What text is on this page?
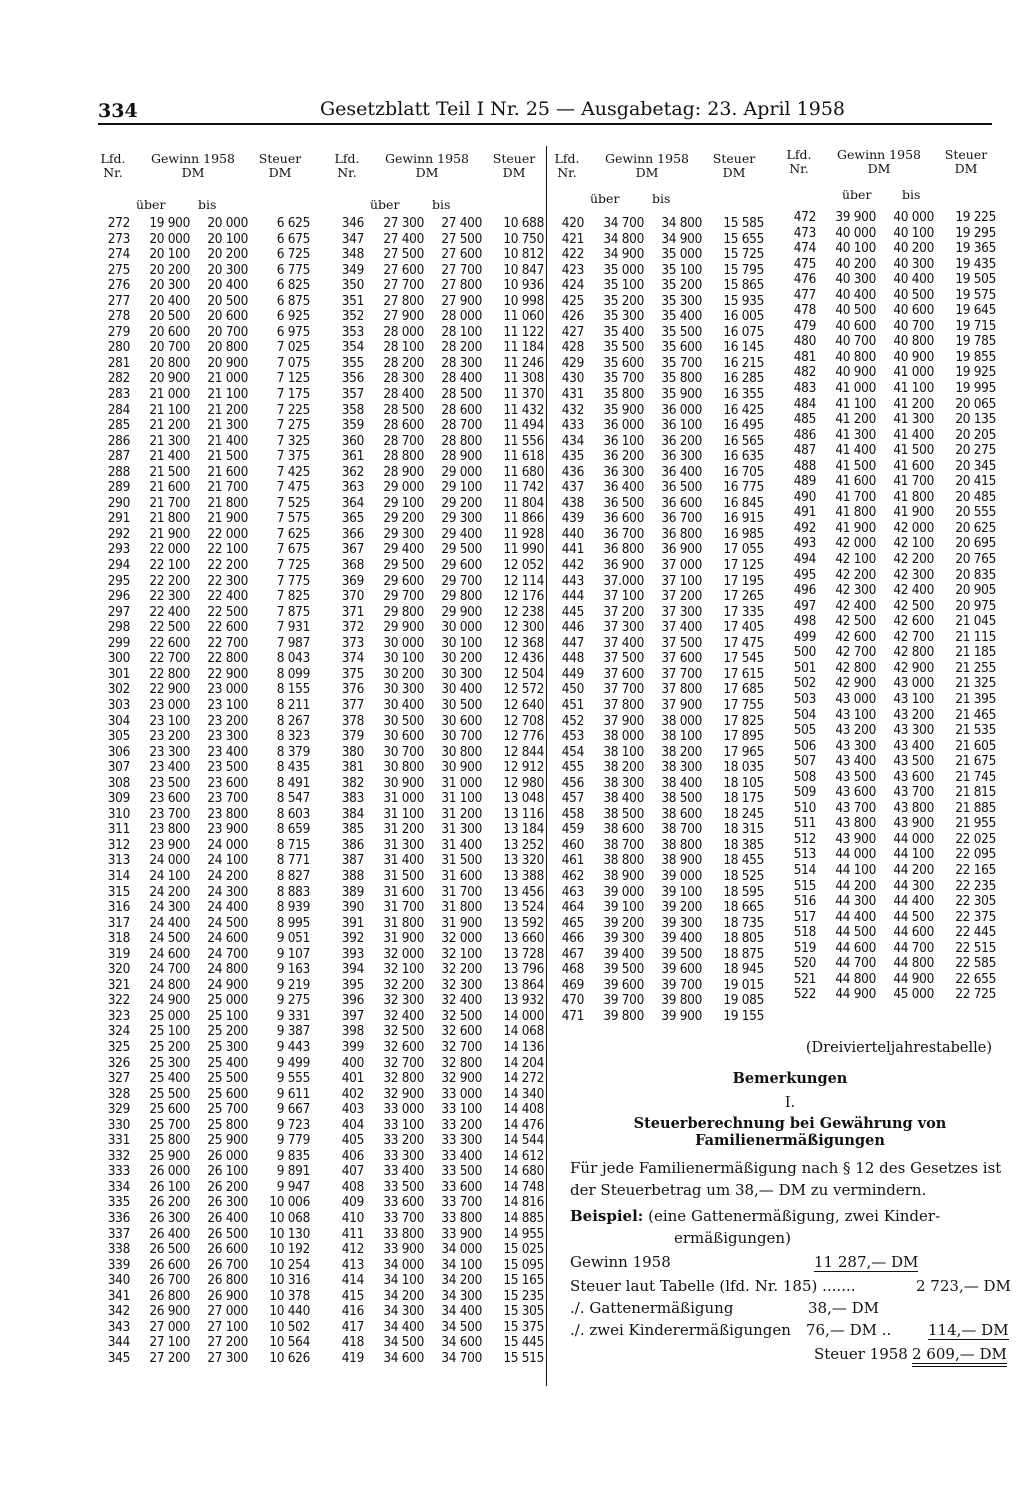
334	Gesetzblatt Teil I Nr. 25 — Ausgabetag: 23. April 1958
Lfd.
Nr.
Gewinn 1958
DM
Steuer
DM
über	bis
272	19 900	20 000	6 625
273	20 000	20 100	6 675
274	20 100	20 200	6 725
275	20 200	20 300	6 775
276	20 300	20 400	6 825
277	20 400	20 500	6 875
278	20 500	20 600	6 925
279	20 600	20 700	6 975
280	20 700	20 800	7 025
281	20 800	20 900	7 075
282	20 900	21 000	7 125
283	21 000	21 100	7 175
284	21 100	21 200	7 225
285	21 200	21 300	7 275
286	21 300	21 400	7 325
287	21 400	21 500	7 375
288	21 500	21 600	7 425
289	21 600	21 700	7 475
290	21 700	21 800	7 525
291	21 800	21 900	7 575
292	21 900	22 000	7 625
293	22 000	22 100	7 675
294	22 100	22 200	7 725
295	22 200	22 300	7 775
296	22 300	22 400	7 825
297	22 400	22 500	7 875
298	22 500	22 600	7 931
299	22 600	22 700	7 987
300	22 700	22 800	8 043
301	22 800	22 900	8 099
302	22 900	23 000	8 155
303	23 000	23 100	8 211
304	23 100	23 200	8 267
305	23 200	23 300	8 323
306	23 300	23 400	8 379
307	23 400	23 500	8 435
308	23 500	23 600	8 491
309	23 600	23 700	8 547
310	23 700	23 800	8 603
311	23 800	23 900	8 659
312	23 900	24 000	8 715
313	24 000	24 100	8 771
314	24 100	24 200	8 827
315	24 200	24 300	8 883
316	24 300	24 400	8 939
317	24 400	24 500	8 995
318	24 500	24 600	9 051
319	24 600	24 700	9 107
320	24 700	24 800	9 163
321	24 800	24 900	9 219
322	24 900	25 000	9 275
323	25 000	25 100	9 331
324	25 100	25 200	9 387
325	25 200	25 300	9 443
326	25 300	25 400	9 499
327	25 400	25 500	9 555
328	25 500	25 600	9 611
329	25 600	25 700	9 667
330	25 700	25 800	9 723
331	25 800	25 900	9 779
332	25 900	26 000	9 835
333	26 000	26 100	9 891
334	26 100	26 200	9 947
335	26 200	26 300	10 006
336	26 300	26 400	10 068
337	26 400	26 500	10 130
338	26 500	26 600	10 192
339	26 600	26 700	10 254
340	26 700	26 800	10 316
341	26 800	26 900	10 378
342	26 900	27 000	10 440
343	27 000	27 100	10 502
344	27 100	27 200	10 564
345	27 200	27 300	10 626
Lfd.
Nr.
Gewinn 1958
DM
Steuer
DM
über	bis
346	27 300	27 400	10 688
347	27 400	27 500	10 750
348	27 500	27 600	10 812
349	27 600	27 700	10 847
350	27 700	27 800	10 936
351	27 800	27 900	10 998
352	27 900	28 000	11 060
353	28 000	28 100	11 122
354	28 100	28 200	11 184
355	28 200	28 300	11 246
356	28 300	28 400	11 308
357	28 400	28 500	11 370
358	28 500	28 600	11 432
359	28 600	28 700	11 494
360	28 700	28 800	11 556
361	28 800	28 900	11 618
362	28 900	29 000	11 680
363	29 000	29 100	11 742
364	29 100	29 200	11 804
365	29 200	29 300	11 866
366	29 300	29 400	11 928
367	29 400	29 500	11 990
368	29 500	29 600	12 052
369	29 600	29 700	12 114
370	29 700	29 800	12 176
371	29 800	29 900	12 238
372	29 900	30 000	12 300
373	30 000	30 100	12 368
374	30 100	30 200	12 436
375	30 200	30 300	12 504
376	30 300	30 400	12 572
377	30 400	30 500	12 640
378	30 500	30 600	12 708
379	30 600	30 700	12 776
380	30 700	30 800	12 844
381	30 800	30 900	12 912
382	30 900	31 000	12 980
383	31 000	31 100	13 048
384	31 100	31 200	13 116
385	31 200	31 300	13 184
386	31 300	31 400	13 252
387	31 400	31 500	13 320
388	31 500	31 600	13 388
389	31 600	31 700	13 456
390	31 700	31 800	13 524
391	31 800	31 900	13 592
392	31 900	32 000	13 660
393	32 000	32 100	13 728
394	32 100	32 200	13 796
395	32 200	32 300	13 864
396	32 300	32 400	13 932
397	32 400	32 500	14 000
398	32 500	32 600	14 068
399	32 600	32 700	14 136
400	32 700	32 800	14 204
401	32 800	32 900	14 272
402	32 900	33 000	14 340
403	33 000	33 100	14 408
404	33 100	33 200	14 476
405	33 200	33 300	14 544
406	33 300	33 400	14 612
407	33 400	33 500	14 680
408	33 500	33 600	14 748
409	33 600	33 700	14 816
410	33 700	33 800	14 885
411	33 800	33 900	14 955
412	33 900	34 000	15 025
413	34 000	34 100	15 095
414	34 100	34 200	15 165
415	34 200	34 300	15 235
416	34 300	34 400	15 305
417	34 400	34 500	15 375
418	34 500	34 600	15 445
419	34 600	34 700	15 515
Lfd.
Nr.
Gewinn 1958
DM
Steuer
DM
über	bis
420	34 700	34 800	15 585
421	34 800	34 900	15 655
422	34 900	35 000	15 725
423	35 000	35 100	15 795
424	35 100	35 200	15 865
425	35 200	35 300	15 935
426	35 300	35 400	16 005
427	35 400	35 500	16 075
428	35 500	35 600	16 145
429	35 600	35 700	16 215
430	35 700	35 800	16 285
431	35 800	35 900	16 355
432	35 900	36 000	16 425
433	36 000	36 100	16 495
434	36 100	36 200	16 565
435	36 200	36 300	16 635
436	36 300	36 400	16 705
437	36 400	36 500	16 775
438	36 500	36 600	16 845
439	36 600	36 700	16 915
440	36 700	36 800	16 985
441	36 800	36 900	17 055
442	36 900	37 000	17 125
443	37.000	37 100	17 195
444	37 100	37 200	17 265
445	37 200	37 300	17 335
446	37 300	37 400	17 405
447	37 400	37 500	17 475
448	37 500	37 600	17 545
449	37 600	37 700	17 615
450	37 700	37 800	17 685
451	37 800	37 900	17 755
452	37 900	38 000	17 825
453	38 000	38 100	17 895
454	38 100	38 200	17 965
455	38 200	38 300	18 035
456	38 300	38 400	18 105
457	38 400	38 500	18 175
458	38 500	38 600	18 245
459	38 600	38 700	18 315
460	38 700	38 800	18 385
461	38 800	38 900	18 455
462	38 900	39 000	18 525
463	39 000	39 100	18 595
464	39 100	39 200	18 665
465	39 200	39 300	18 735
466	39 300	39 400	18 805
467	39 400	39 500	18 875
468	39 500	39 600	18 945
469	39 600	39 700	19 015
470	39 700	39 800	19 085
471	39 800	39 900	19 155
Lfd.
Nr.
Gewinn 1958
DM
Steuer
DM
über bis
472	39 900	40 000	19 225
473	40 000	40 100	19 295
474	40 100	40 200	19 365
475	40 200	40 300	19 435
476	40 300	40 400	19 505
477	40 400	40 500	19 575
478	40 500	40 600	19 645
479	40 600	40 700	19 715
480	40 700	40 800	19 785
481	40 800	40 900	19 855
482	40 900	41 000	19 925
483	41 000	41 100	19 995
484	41 100	41 200	20 065
485	41 200	41 300	20 135
486	41 300	41 400	20 205
487	41 400	41 500	20 275
488	41 500	41 600	20 345
489	41 600	41 700	20 415
490	41 700	41 800	20 485
491	41 800	41 900	20 555
492	41 900	42 000	20 625
493	42 000	42 100	20 695
494	42 100	42 200	20 765
495	42 200	42 300	20 835
496	42 300	42 400	20 905
497	42 400	42 500	20 975
498	42 500	42 600	21 045
499	42 600	42 700	21 115
500	42 700	42 800	21 185
501	42 800	42 900	21 255
502	42 900	43 000	21 325
503	43 000	43 100	21 395
504	43 100	43 200	21 465
505	43 200	43 300	21 535
506	43 300	43 400	21 605
507	43 400	43 500	21 675
508	43 500	43 600	21 745
509	43 600	43 700	21 815
510	43 700	43 800	21 885
511	43 800	43 900	21 955
512	43 900	44 000	22 025
513	44 000	44 100	22 095
514	44 100	44 200	22 165
515	44 200	44 300	22 235
516	44 300	44 400	22 305
517	44 400	44 500	22 375
518	44 500	44 600	22 445
519	44 600	44 700	22 515
520	44 700	44 800	22 585
521	44 800	44 900	22 655
522	44 900	45 000	22 725
(Dreivierteljahrestabelle)
Bemerkungen
I.
Steuerberechnung bei Gewährung von
Familienermäßigungen
Für jede Familienermäßigung nach § 12 des Gesetzes ist
der Steuerbetrag um 38,— DM zu vermindern.
Beispiel: (eine Gattenermäßigung, zwei Kinder-
ermäßigungen)
Gewinn 1958	11 287,— DM
Steuer laut Tabelle (lfd. Nr. 185) .......	2 723,— DM
./. Gattenermäßigung	38,— DM
./. zwei Kinderermäßigungen 76,— DM .. 114,— DM
Steuer 1958 2 609,— DM
